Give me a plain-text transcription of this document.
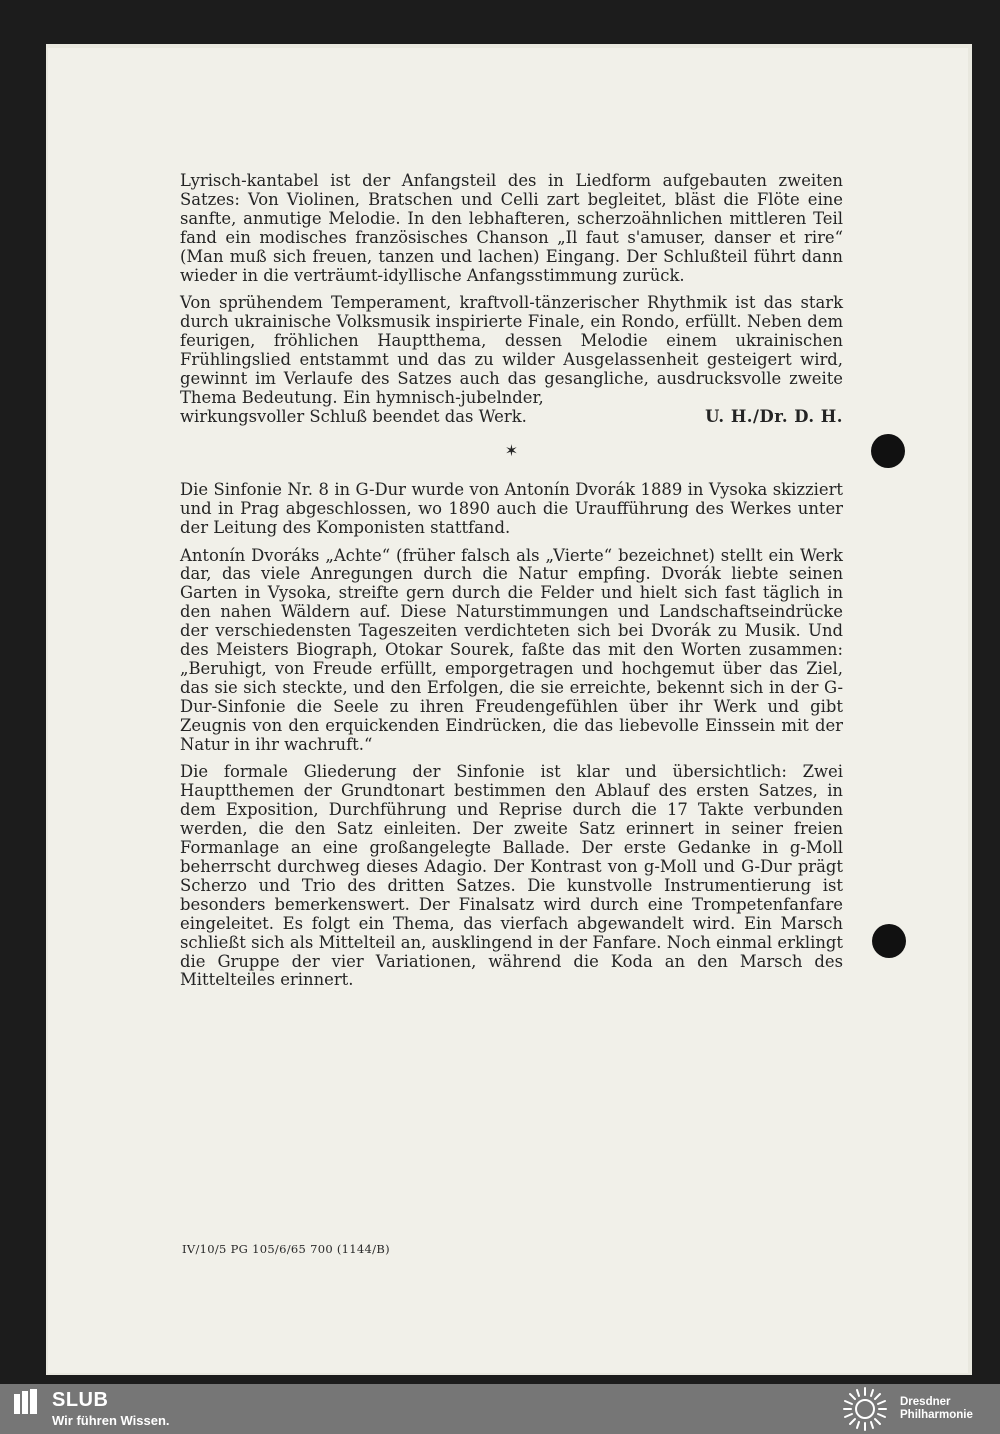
Lyrisch-kantabel ist der Anfangsteil des in Liedform aufgebauten zweiten Satzes: Von Violinen, Bratschen und Celli zart begleitet, bläst die Flöte eine sanfte, anmutige Melodie. In den lebhafteren, scherzoähnlichen mittleren Teil fand ein modisches französisches Chanson „Il faut s'amuser, danser et rire“ (Man muß sich freuen, tanzen und lachen) Eingang. Der Schlußteil führt dann wieder in die verträumt-idyllische Anfangsstimmung zurück.

Von sprühendem Temperament, kraftvoll-tänzerischer Rhythmik ist das stark durch ukrainische Volksmusik inspirierte Finale, ein Rondo, erfüllt. Neben dem feurigen, fröhlichen Hauptthema, dessen Melodie einem ukrainischen Frühlingslied entstammt und das zu wilder Ausgelassenheit gesteigert wird, gewinnt im Verlaufe des Satzes auch das gesangliche, ausdrucksvolle zweite Thema Bedeutung. Ein hymnisch-jubelnder,

wirkungsvoller Schluß beendet das Werk.	U. H./Dr. D. H.
✶

Die Sinfonie Nr. 8 in G-Dur wurde von Antonín Dvorák 1889 in Vysoka skizziert und in Prag abgeschlossen, wo 1890 auch die Uraufführung des Werkes unter der Leitung des Komponisten stattfand.

Antonín Dvoráks „Achte“ (früher falsch als „Vierte“ bezeichnet) stellt ein Werk dar, das viele Anregungen durch die Natur empfing. Dvorák liebte seinen Garten in Vysoka, streifte gern durch die Felder und hielt sich fast täglich in den nahen Wäldern auf. Diese Naturstimmungen und Landschaftseindrücke der verschiedensten Tageszeiten verdichteten sich bei Dvorák zu Musik. Und des Meisters Biograph, Otokar Sourek, faßte das mit den Worten zusammen: „Beruhigt, von Freude erfüllt, emporgetragen und hochgemut über das Ziel, das sie sich steckte, und den Erfolgen, die sie erreichte, bekennt sich in der G-Dur-Sinfonie die Seele zu ihren Freudengefühlen über ihr Werk und gibt Zeugnis von den erquickenden Eindrücken, die das liebevolle Einssein mit der Natur in ihr wachruft.“

Die formale Gliederung der Sinfonie ist klar und übersichtlich: Zwei Hauptthemen der Grundtonart bestimmen den Ablauf des ersten Satzes, in dem Exposition, Durchführung und Reprise durch die 17 Takte verbunden werden, die den Satz einleiten. Der zweite Satz erinnert in seiner freien Formanlage an eine großangelegte Ballade. Der erste Gedanke in g-Moll beherrscht durchweg dieses Adagio. Der Kontrast von g-Moll und G-Dur prägt Scherzo und Trio des dritten Satzes. Die kunstvolle Instrumentierung ist besonders bemerkenswert. Der Finalsatz wird durch eine Trompetenfanfare eingeleitet. Es folgt ein Thema, das vierfach abgewandelt wird. Ein Marsch schließt sich als Mittelteil an, ausklingend in der Fanfare. Noch einmal erklingt die Gruppe der vier Variationen, während die Koda an den Marsch des Mittelteiles erinnert.

IV/10/5 PG 105/6/65 700 (1144/B)
SLUB
Wir führen Wissen.
Dresdner
Philharmonie
